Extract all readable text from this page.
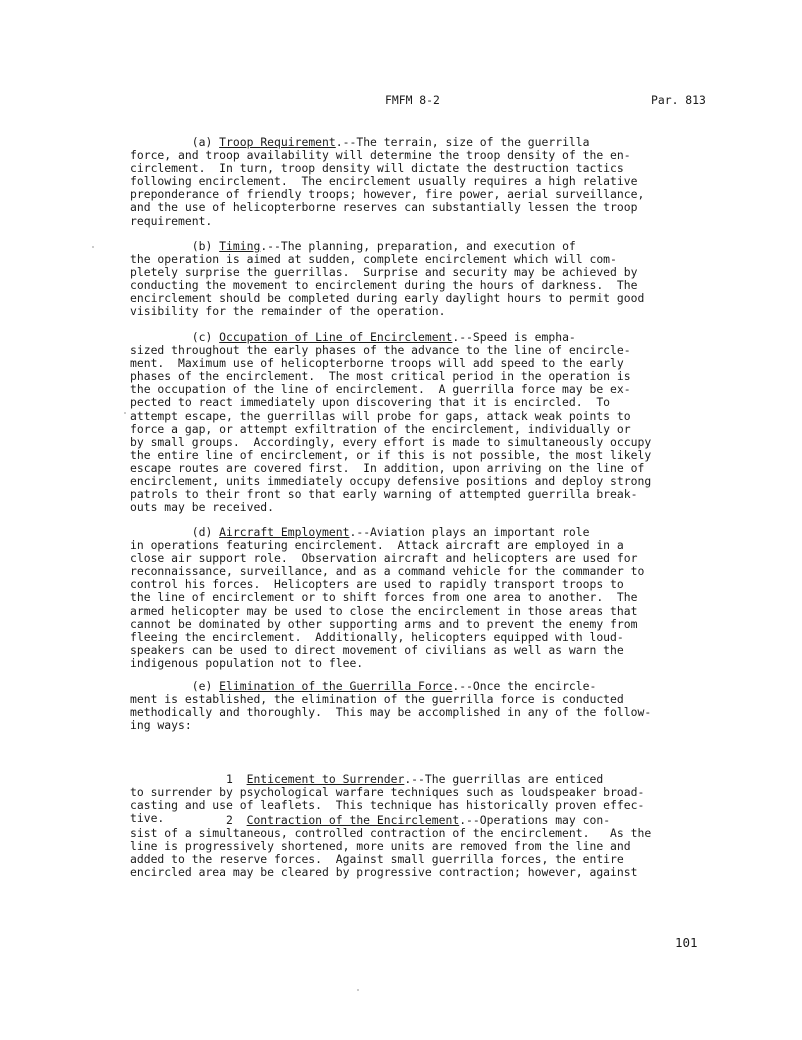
FMFM 8-2	Par. 813
(a) Troop Requirement.--The terrain, size of the guerrilla
force, and troop availability will determine the troop density of the en-
circlement.  In turn, troop density will dictate the destruction tactics
following encirclement.  The encirclement usually requires a high relative
preponderance of friendly troops; however, fire power, aerial surveillance,
and the use of helicopterborne reserves can substantially lessen the troop
requirement.
(b) Timing.--The planning, preparation, and execution of
the operation is aimed at sudden, complete encirclement which will com-
pletely surprise the guerrillas.  Surprise and security may be achieved by
conducting the movement to encirclement during the hours of darkness.  The
encirclement should be completed during early daylight hours to permit good
visibility for the remainder of the operation.
(c) Occupation of Line of Encirclement.--Speed is empha-
sized throughout the early phases of the advance to the line of encircle-
ment.  Maximum use of helicopterborne troops will add speed to the early
phases of the encirclement.  The most critical period in the operation is
the occupation of the line of encirclement.  A guerrilla force may be ex-
pected to react immediately upon discovering that it is encircled.  To
attempt escape, the guerrillas will probe for gaps, attack weak points to
force a gap, or attempt exfiltration of the encirclement, individually or
by small groups.  Accordingly, every effort is made to simultaneously occupy
the entire line of encirclement, or if this is not possible, the most likely
escape routes are covered first.  In addition, upon arriving on the line of
encirclement, units immediately occupy defensive positions and deploy strong
patrols to their front so that early warning of attempted guerrilla break-
outs may be received.
(d) Aircraft Employment.--Aviation plays an important role
in operations featuring encirclement.  Attack aircraft are employed in a
close air support role.  Observation aircraft and helicopters are used for
reconnaissance, surveillance, and as a command vehicle for the commander to
control his forces.  Helicopters are used to rapidly transport troops to
the line of encirclement or to shift forces from one area to another.  The
armed helicopter may be used to close the encirclement in those areas that
cannot be dominated by other supporting arms and to prevent the enemy from
fleeing the encirclement.  Additionally, helicopters equipped with loud-
speakers can be used to direct movement of civilians as well as warn the
indigenous population not to flee.
(e) Elimination of the Guerrilla Force.--Once the encircle-
ment is established, the elimination of the guerrilla force is conducted
methodically and thoroughly.  This may be accomplished in any of the follow-
ing ways:
1  Enticement to Surrender.--The guerrillas are enticed
to surrender by psychological warfare techniques such as loudspeaker broad-
casting and use of leaflets.  This technique has historically proven effec-
tive.	2  Contraction of the Encirclement.--Operations may con-
sist of a simultaneous, controlled contraction of the encirclement.   As the
line is progressively shortened, more units are removed from the line and
added to the reserve forces.  Against small guerrilla forces, the entire
encircled area may be cleared by progressive contraction; however, against
101
